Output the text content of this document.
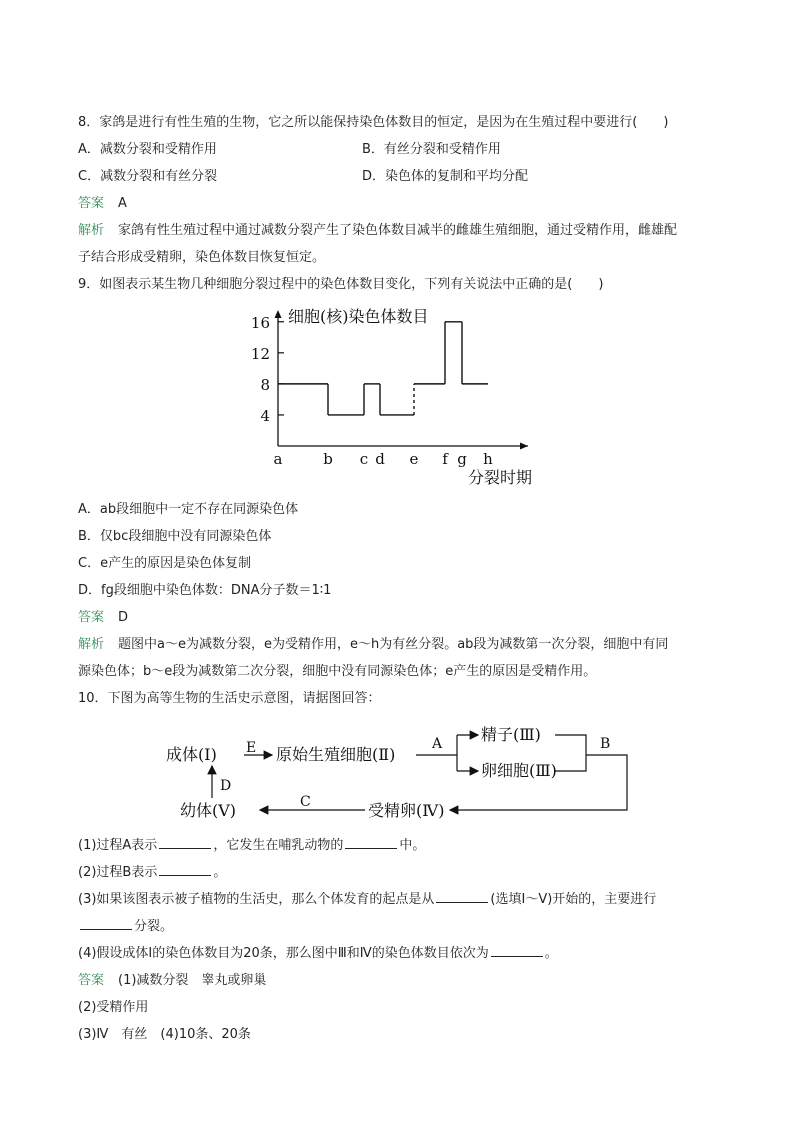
8．家鸽是进行有性生殖的生物，它之所以能保持染色体数目的恒定，是因为在生殖过程中要进行(　　)
A．减数分裂和受精作用	B．有丝分裂和受精作用
C．减数分裂和有丝分裂	D．染色体的复制和平均分配
答案 A
解析 家鸽有性生殖过程中通过减数分裂产生了染色体数目减半的雌雄生殖细胞，通过受精作用，雌雄配
子结合形成受精卵，染色体数目恢复恒定。
9．如图表示某生物几种细胞分裂过程中的染色体数目变化，下列有关说法中正确的是(　　)
4
8
12
16
a	b c d e f g h
细胞(核)染色体数目
分裂时期
A．ab段细胞中一定不存在同源染色体
B．仅bc段细胞中没有同源染色体
C．e产生的原因是染色体复制
D．fg段细胞中染色体数：DNA分子数＝1∶1
答案 D
解析 题图中a～e为减数分裂，e为受精作用，e～h为有丝分裂。ab段为减数第一次分裂，细胞中有同
源染色体；b～e段为减数第二次分裂，细胞中没有同源染色体；e产生的原因是受精作用。
10．下图为高等生物的生活史示意图，请据图回答：
成体(Ⅰ)	原始生殖细胞(Ⅱ)
精子(Ⅲ)
卵细胞(Ⅲ)
受精卵(Ⅳ)
幼体(Ⅴ)
E	A	B
C
D
(1)过程A表示	，它发生在哺乳动物的	中。
(2)过程B表示	。
(3)如果该图表示被子植物的生活史，那么个体发育的起点是从	(选填Ⅰ～Ⅴ)开始的，主要进行
分裂。
(4)假设成体Ⅰ的染色体数目为20条，那么图中Ⅲ和Ⅳ的染色体数目依次为	。
答案 (1)减数分裂　睾丸或卵巢
(2)受精作用
(3)Ⅳ　有丝　(4)10条、20条
